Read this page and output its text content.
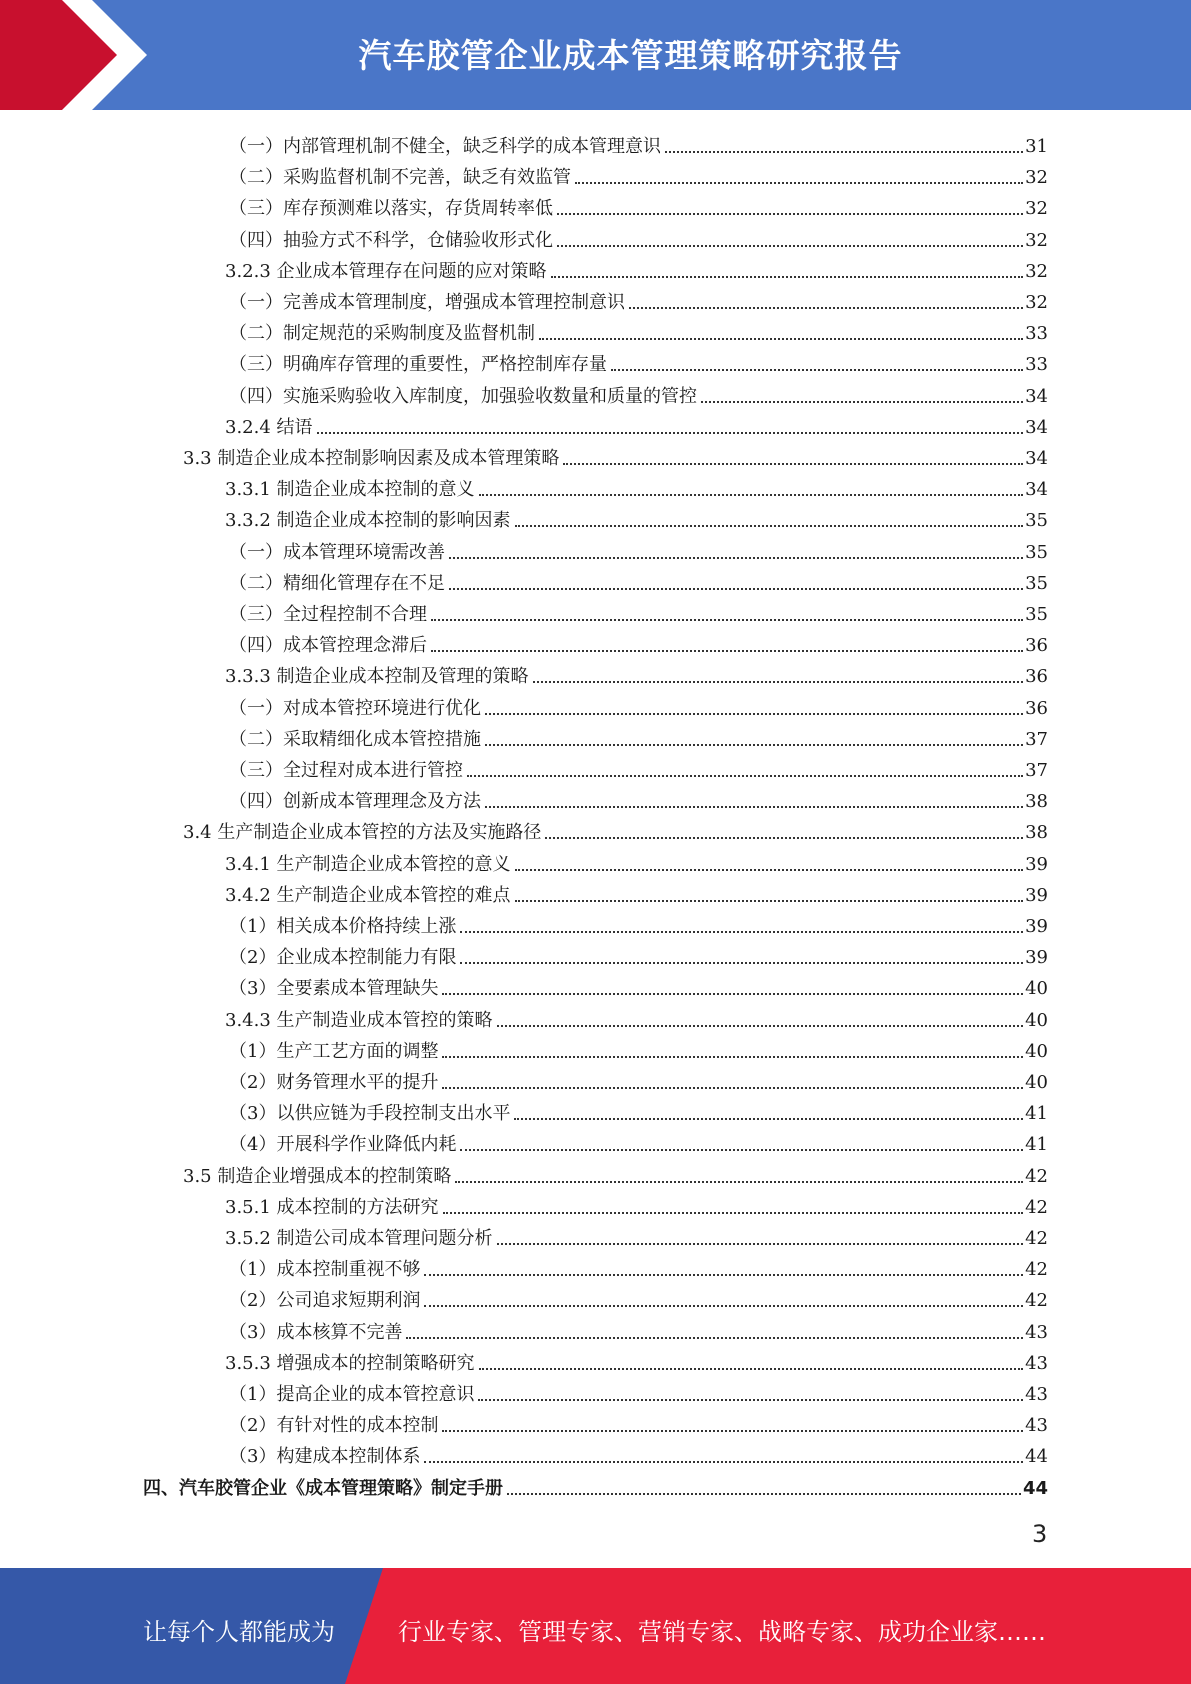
汽车胶管企业成本管理策略研究报告
（一）内部管理机制不健全，缺乏科学的成本管理意识	31
（二）采购监督机制不完善，缺乏有效监管	32
（三）库存预测难以落实，存货周转率低	32
（四）抽验方式不科学，仓储验收形式化	32
3.2.3 企业成本管理存在问题的应对策略	32
（一）完善成本管理制度，增强成本管理控制意识	32
（二）制定规范的采购制度及监督机制	33
（三）明确库存管理的重要性，严格控制库存量	33
（四）实施采购验收入库制度，加强验收数量和质量的管控	34
3.2.4 结语	34
3.3 制造企业成本控制影响因素及成本管理策略	34
3.3.1 制造企业成本控制的意义	34
3.3.2 制造企业成本控制的影响因素	35
（一）成本管理环境需改善	35
（二）精细化管理存在不足	35
（三）全过程控制不合理	35
（四）成本管控理念滞后	36
3.3.3 制造企业成本控制及管理的策略	36
（一）对成本管控环境进行优化	36
（二）采取精细化成本管控措施	37
（三）全过程对成本进行管控	37
（四）创新成本管理理念及方法	38
3.4 生产制造企业成本管控的方法及实施路径	38
3.4.1 生产制造企业成本管控的意义	39
3.4.2 生产制造企业成本管控的难点	39
（1）相关成本价格持续上涨	39
（2）企业成本控制能力有限	39
（3）全要素成本管理缺失	40
3.4.3 生产制造业成本管控的策略	40
（1）生产工艺方面的调整	40
（2）财务管理水平的提升	40
（3）以供应链为手段控制支出水平	41
（4）开展科学作业降低内耗	41
3.5 制造企业增强成本的控制策略	42
3.5.1 成本控制的方法研究	42
3.5.2 制造公司成本管理问题分析	42
（1）成本控制重视不够	42
（2）公司追求短期利润	42
（3）成本核算不完善	43
3.5.3 增强成本的控制策略研究	43
（1）提高企业的成本管控意识	43
（2）有针对性的成本控制	43
（3）构建成本控制体系	44
四、汽车胶管企业《成本管理策略》制定手册	44
3
让每个人都能成为	行业专家、管理专家、营销专家、战略专家、成功企业家……
